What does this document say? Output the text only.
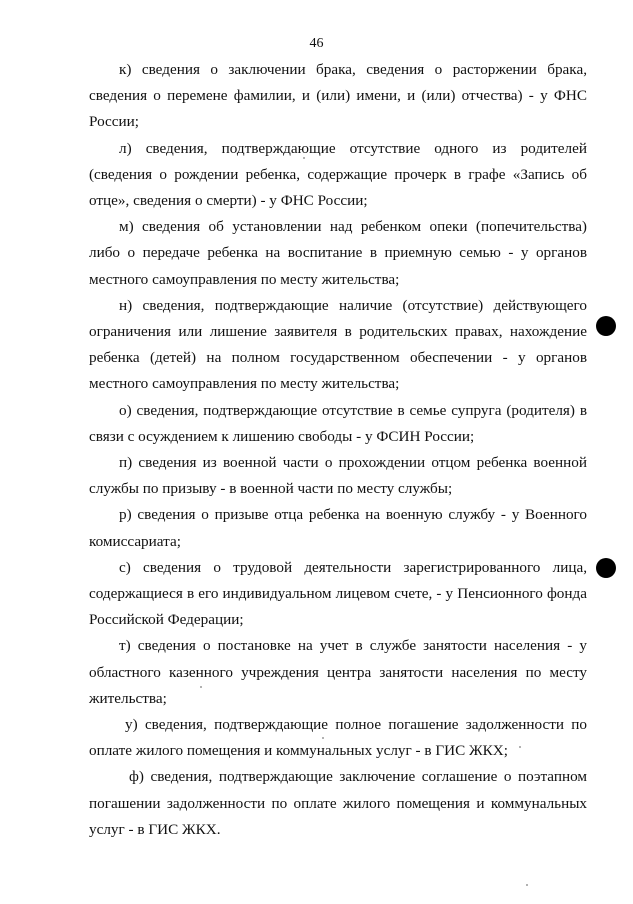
46

к) сведения о заключении брака, сведения о расторжении брака, сведения о перемене фамилии, и (или) имени, и (или) отчества) - у ФНС России;

л) сведения, подтверждающие отсутствие одного из родителей (сведения о рождении ребенка, содержащие прочерк в графе «Запись об отце», сведения о смерти) - у ФНС России;

м) сведения об установлении над ребенком опеки (попечительства) либо о передаче ребенка на воспитание в приемную семью - у органов местного самоуправления по месту жительства;

н) сведения, подтверждающие наличие (отсутствие) действующего ограничения или лишение заявителя в родительских правах, нахождение ребенка (детей) на полном государственном обеспечении - у органов местного самоуправления по месту жительства;

о) сведения, подтверждающие отсутствие в семье супруга (родителя) в связи с осуждением к лишению свободы - у ФСИН России;

п) сведения из военной части о прохождении отцом ребенка военной службы по призыву - в военной части по месту службы;

р) сведения о призыве отца ребенка на военную службу - у Военного комиссариата;

с) сведения о трудовой деятельности зарегистрированного лица, содержащиеся в его индивидуальном лицевом счете, - у Пенсионного фонда Российской Федерации;

т) сведения о постановке на учет в службе занятости населения - у областного казенного учреждения центра занятости населения по месту жительства;

у) сведения, подтверждающие полное погашение задолженности по оплате жилого помещения и коммунальных услуг - в ГИС ЖКХ;

ф) сведения, подтверждающие заключение соглашение о поэтапном погашении задолженности по оплате жилого помещения и коммунальных услуг - в ГИС ЖКХ.
